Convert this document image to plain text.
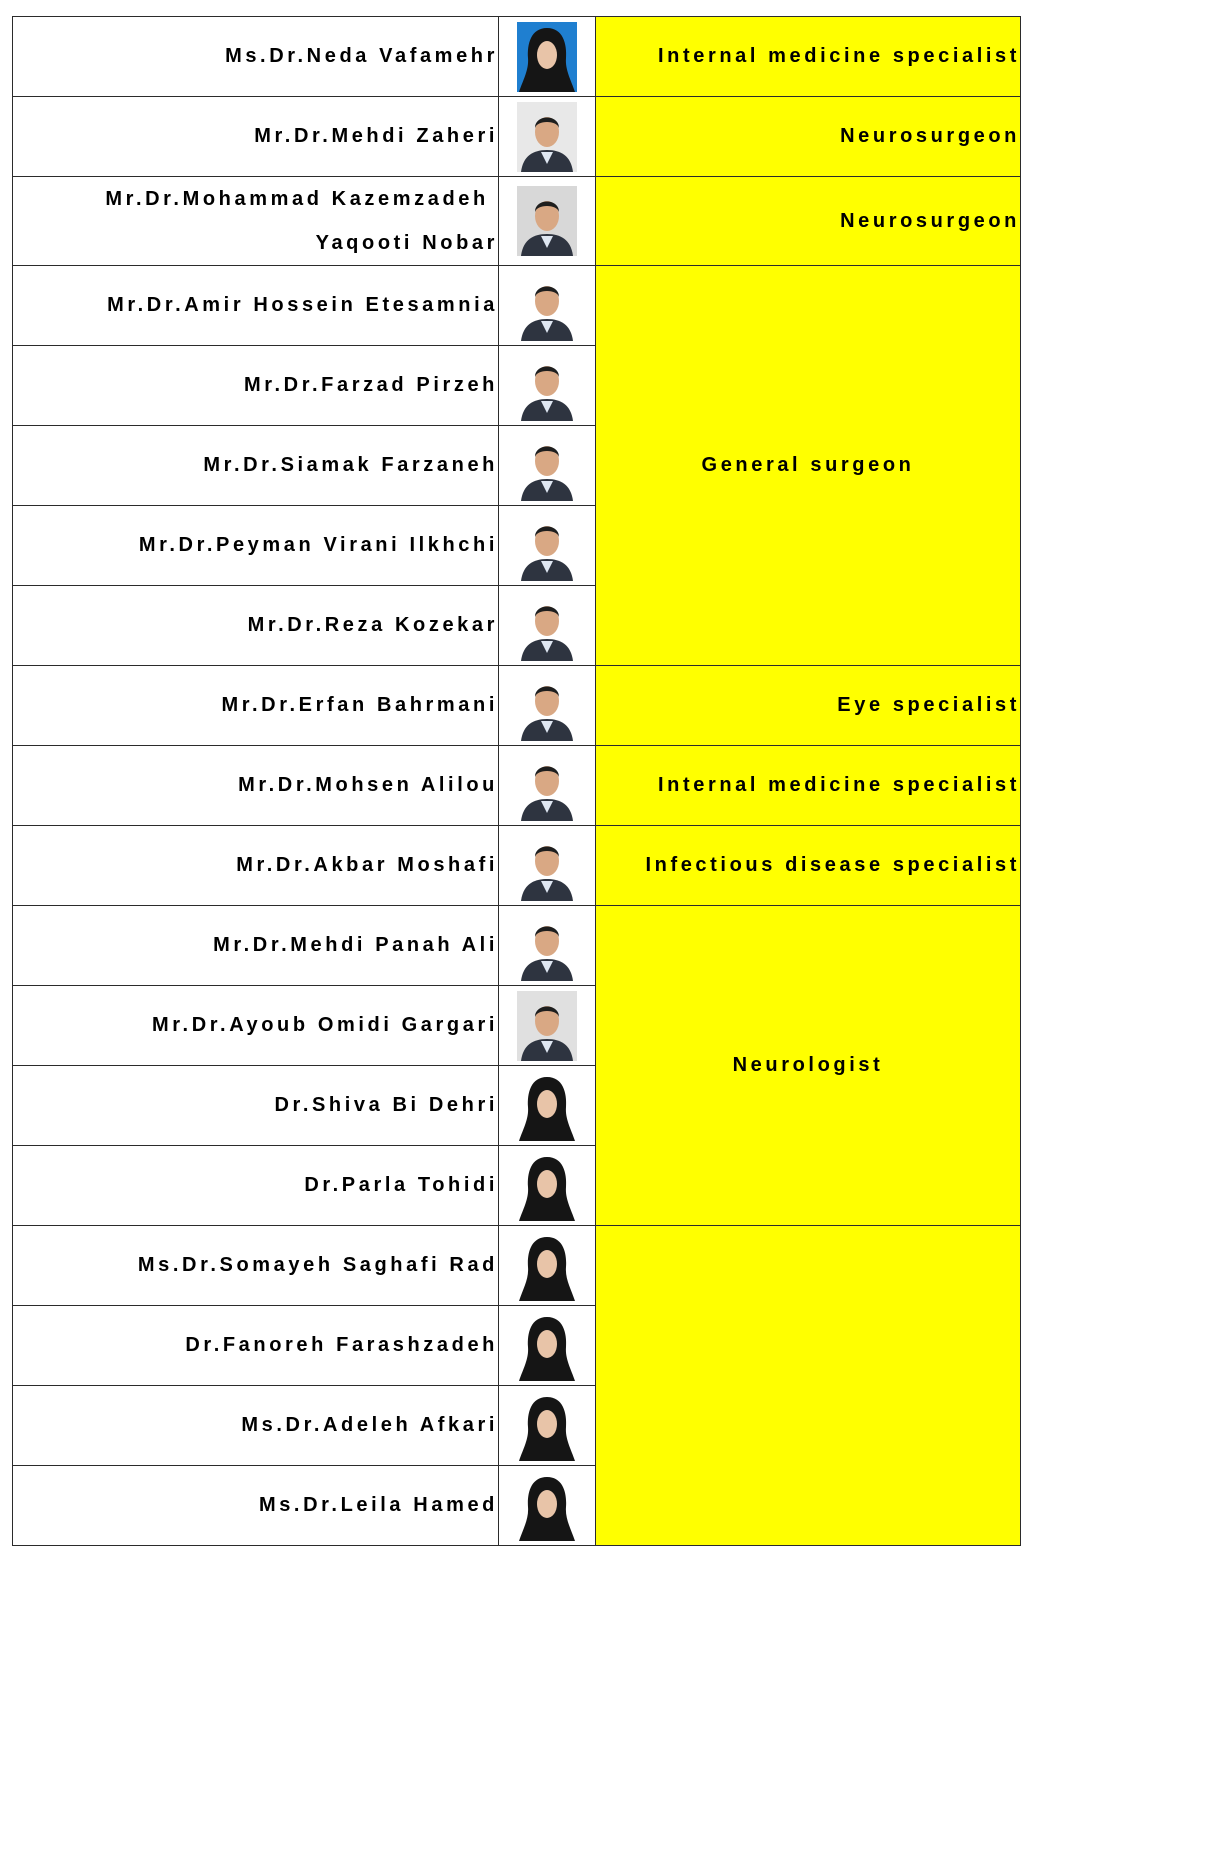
Ms.Dr.Neda Vafamehr		Internal medicine specialist
Mr.Dr.Mehdi Zaheri		Neurosurgeon
Mr.Dr.Mohammad Kazemzadeh
Yaqooti Nobar		Neurosurgeon
Mr.Dr.Amir Hossein Etesamnia		General surgeon
Mr.Dr.Farzad Pirzeh	

Mr.Dr.Siamak Farzaneh	

Mr.Dr.Peyman Virani Ilkhchi	

Mr.Dr.Reza Kozekar	

Mr.Dr.Erfan Bahrmani		Eye specialist
Mr.Dr.Mohsen Alilou		Internal medicine specialist
Mr.Dr.Akbar Moshafi		Infectious disease specialist
Mr.Dr.Mehdi Panah Ali		Neurologist
Mr.Dr.Ayoub Omidi Gargari	

Dr.Shiva Bi Dehri	

Dr.Parla Tohidi	

Ms.Dr.Somayeh Saghafi Rad	

Dr.Fanoreh Farashzadeh	

Ms.Dr.Adeleh Afkari	

Ms.Dr.Leila Hamed	
